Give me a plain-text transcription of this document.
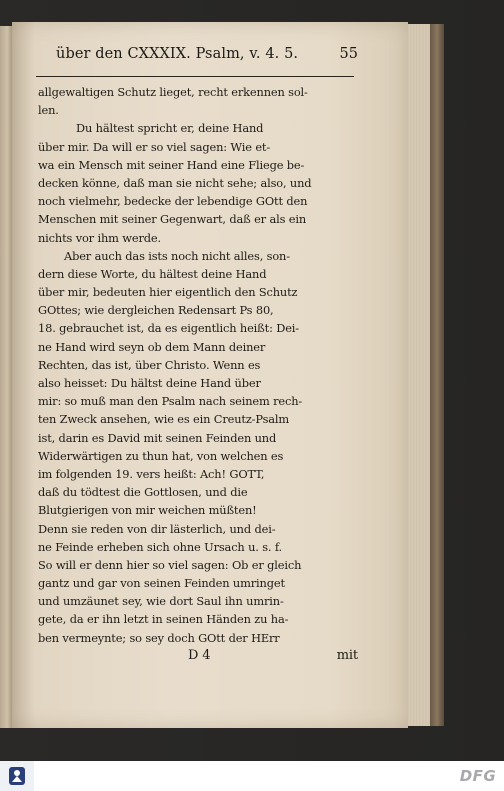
über den CXXXIX. Psalm, v. 4. 5.	55
allgewaltigen Schutz lieget, recht erkennen sol-
len.
Du hältest spricht er, deine Hand
über mir. Da will er so viel sagen: Wie et-
wa ein Mensch mit seiner Hand eine Fliege be-
decken könne, daß man sie nicht sehe; also, und
noch vielmehr, bedecke der lebendige GOtt den
Menschen mit seiner Gegenwart, daß er als ein
nichts vor ihm werde.
Aber auch das ists noch nicht alles, son-
dern diese Worte, du hältest deine Hand
über mir, bedeuten hier eigentlich den Schutz
GOttes; wie dergleichen Redensart Ps 80,
18. gebrauchet ist, da es eigentlich heißt: Dei-
ne Hand wird seyn ob dem Mann deiner
Rechten, das ist, über Christo. Wenn es
also heisset: Du hältst deine Hand über
mir: so muß man den Psalm nach seinem rech-
ten Zweck ansehen, wie es ein Creutz-Psalm
ist, darin es David mit seinen Feinden und
Widerwärtigen zu thun hat, von welchen es
im folgenden 19. vers heißt: Ach! GOTT,
daß du tödtest die Gottlosen, und die
Blutgierigen von mir weichen müßten!
Denn sie reden von dir lästerlich, und dei-
ne Feinde erheben sich ohne Ursach u. s. f.
So will er denn hier so viel sagen: Ob er gleich
gantz und gar von seinen Feinden umringet
und umzäunet sey, wie dort Saul ihn umrin-
gete, da er ihn letzt in seinen Händen zu ha-
ben vermeynte; so sey doch GOtt der HErr
D 4	mit
DFG
